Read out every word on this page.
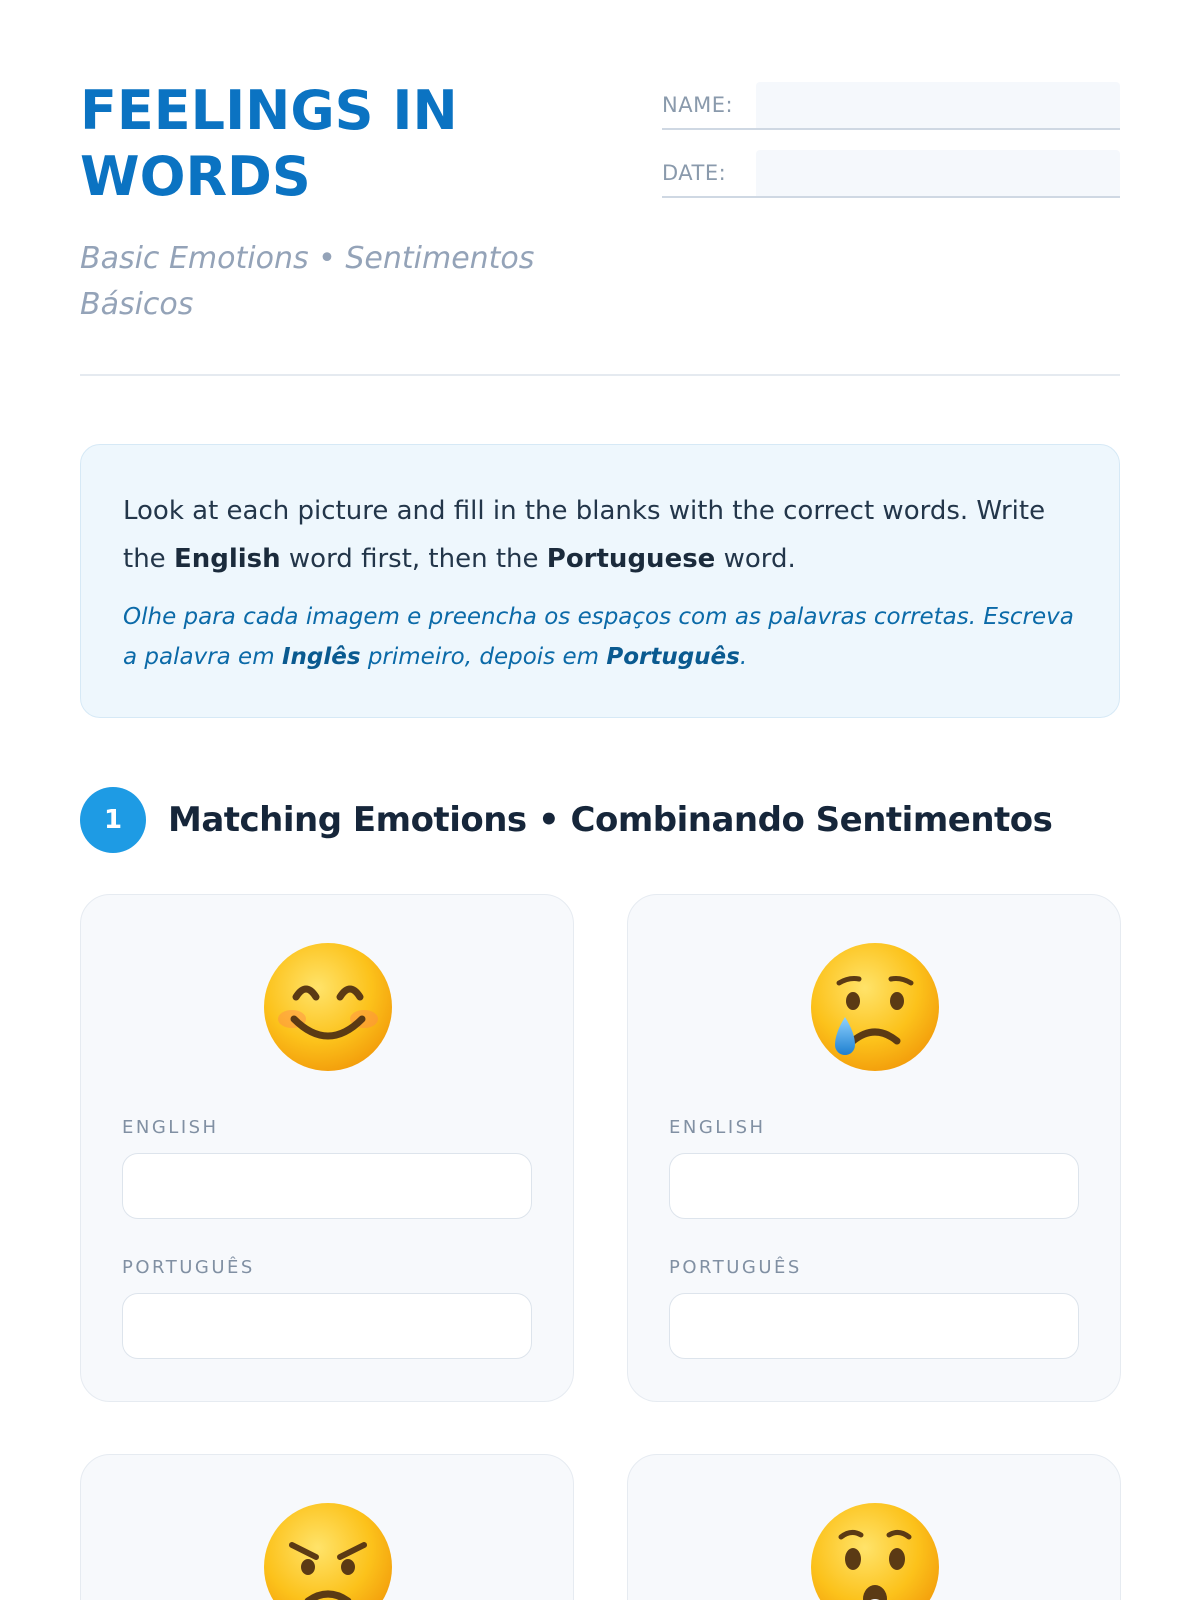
FEELINGS IN
WORDS
Basic Emotions • Sentimentos
Básicos
NAME:
DATE:

Look at each picture and fill in the blanks with the correct words. Write the English word first, then the Portuguese word.

Olhe para cada imagem e preencha os espaços com as palavras corretas. Escreva a palavra em Inglês primeiro, depois em Português.

1	Matching Emotions • Combinando Sentimentos
ENGLISH
PORTUGUÊS
ENGLISH
PORTUGUÊS
